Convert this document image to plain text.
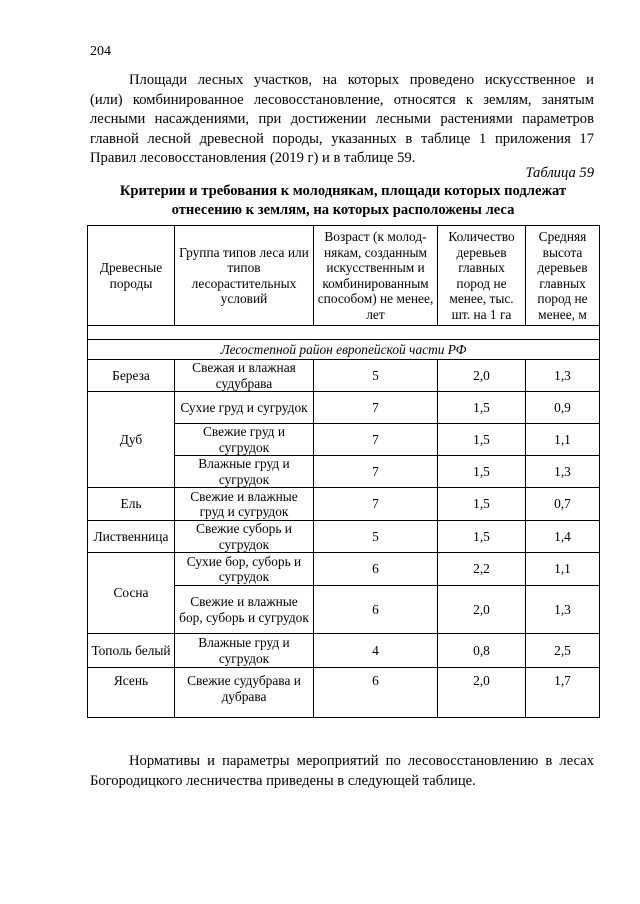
204

Площади лесных участков, на которых проведено искусственное и
(или) комбинированное лесовосстановление, относятся к землям, занятым
лесными насаждениями, при достижении лесными растениями параметров
главной лесной древесной породы, указанных в таблице 1 приложения 17
Правил лесовосстановления (2019 г) и в таблице 59.

Таблица 59
Критерии и требования к молоднякам, площади которых подлежат
отнесению к землям, на которых расположены леса
Древесные породы	Группа типов леса или типов лесорастительных условий	Возраст (к молод-някам, созданным искусственным и комбинированным способом) не менее, лет	Количество деревьев главных пород не менее, тыс. шт. на 1 га	Средняя высота деревьев главных пород не менее, м

Лесостепной район европейской части РФ				
Береза	Свежая и влажная судубрава	5	2,0	1,3
Дуб	Сухие груд и сугрудок	7	1,5	0,9
	Свежие груд и сугрудок	7	1,5	1,1
	Влажные груд и сугрудок	7	1,5	1,3
Ель	Свежие и влажные груд и сугрудок	7	1,5	0,7
Лиственница	Свежие суборь и сугрудок	5	1,5	1,4
Сосна	Сухие бор, суборь и сугрудок	6	2,2	1,1
	Свежие и влажные бор, суборь и сугрудок	6	2,0	1,3
Тополь белый	Влажные груд и сугрудок	4	0,8	2,5
Ясень	Свежие судубрава и дубрава	6	2,0	1,7

Нормативы и параметры мероприятий по лесовосстановлению в лесах
Богородицкого лесничества приведены в следующей таблице.
